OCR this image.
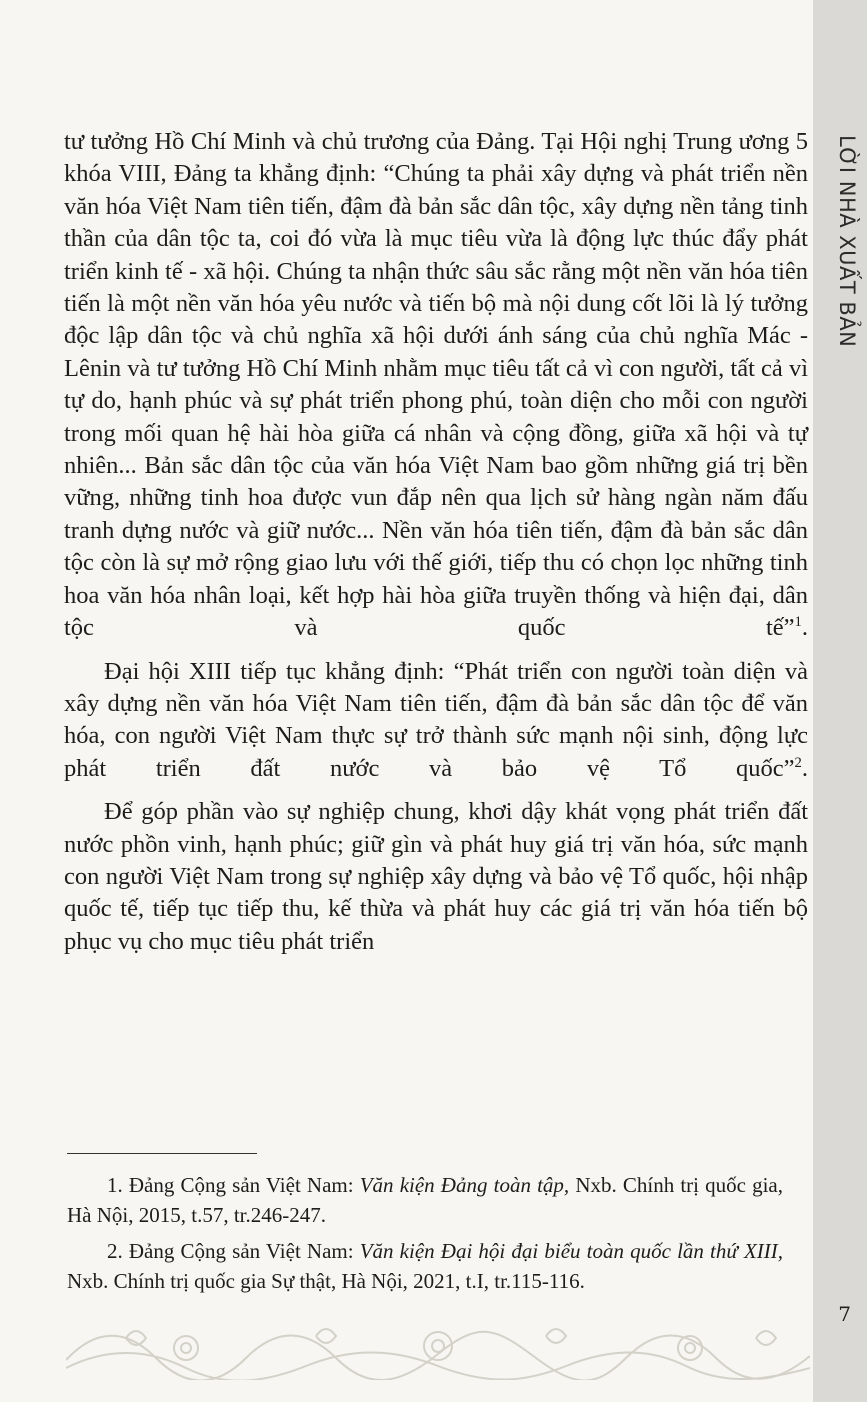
LỜI NHÀ XUẤT BẢN
7

tư tưởng Hồ Chí Minh và chủ trương của Đảng. Tại Hội nghị Trung ương 5 khóa VIII, Đảng ta khẳng định: “Chúng ta phải xây dựng và phát triển nền văn hóa Việt Nam tiên tiến, đậm đà bản sắc dân tộc, xây dựng nền tảng tinh thần của dân tộc ta, coi đó vừa là mục tiêu vừa là động lực thúc đẩy phát triển kinh tế - xã hội. Chúng ta nhận thức sâu sắc rằng một nền văn hóa tiên tiến là một nền văn hóa yêu nước và tiến bộ mà nội dung cốt lõi là lý tưởng độc lập dân tộc và chủ nghĩa xã hội dưới ánh sáng của chủ nghĩa Mác - Lênin và tư tưởng Hồ Chí Minh nhằm mục tiêu tất cả vì con người, tất cả vì tự do, hạnh phúc và sự phát triển phong phú, toàn diện cho mỗi con người trong mối quan hệ hài hòa giữa cá nhân và cộng đồng, giữa xã hội và tự nhiên... Bản sắc dân tộc của văn hóa Việt Nam bao gồm những giá trị bền vững, những tinh hoa được vun đắp nên qua lịch sử hàng ngàn năm đấu tranh dựng nước và giữ nước... Nền văn hóa tiên tiến, đậm đà bản sắc dân tộc còn là sự mở rộng giao lưu với thế giới, tiếp thu có chọn lọc những tinh hoa văn hóa nhân loại, kết hợp hài hòa giữa truyền thống và hiện đại, dân tộc và quốc tế”$^1$.

Đại hội XIII tiếp tục khẳng định: “Phát triển con người toàn diện và xây dựng nền văn hóa Việt Nam tiên tiến, đậm đà bản sắc dân tộc để văn hóa, con người Việt Nam thực sự trở thành sức mạnh nội sinh, động lực phát triển đất nước và bảo vệ Tổ quốc”$^2$.

Để góp phần vào sự nghiệp chung, khơi dậy khát vọng phát triển đất nước phồn vinh, hạnh phúc; giữ gìn và phát huy giá trị văn hóa, sức mạnh con người Việt Nam trong sự nghiệp xây dựng và bảo vệ Tổ quốc, hội nhập quốc tế, tiếp tục tiếp thu, kế thừa và phát huy các giá trị văn hóa tiến bộ phục vụ cho mục tiêu phát triển

1. Đảng Cộng sản Việt Nam: Văn kiện Đảng toàn tập, Nxb. Chính trị quốc gia, Hà Nội, 2015, t.57, tr.246-247.

2. Đảng Cộng sản Việt Nam: Văn kiện Đại hội đại biểu toàn quốc lần thứ XIII, Nxb. Chính trị quốc gia Sự thật, Hà Nội, 2021, t.I, tr.115-116.
